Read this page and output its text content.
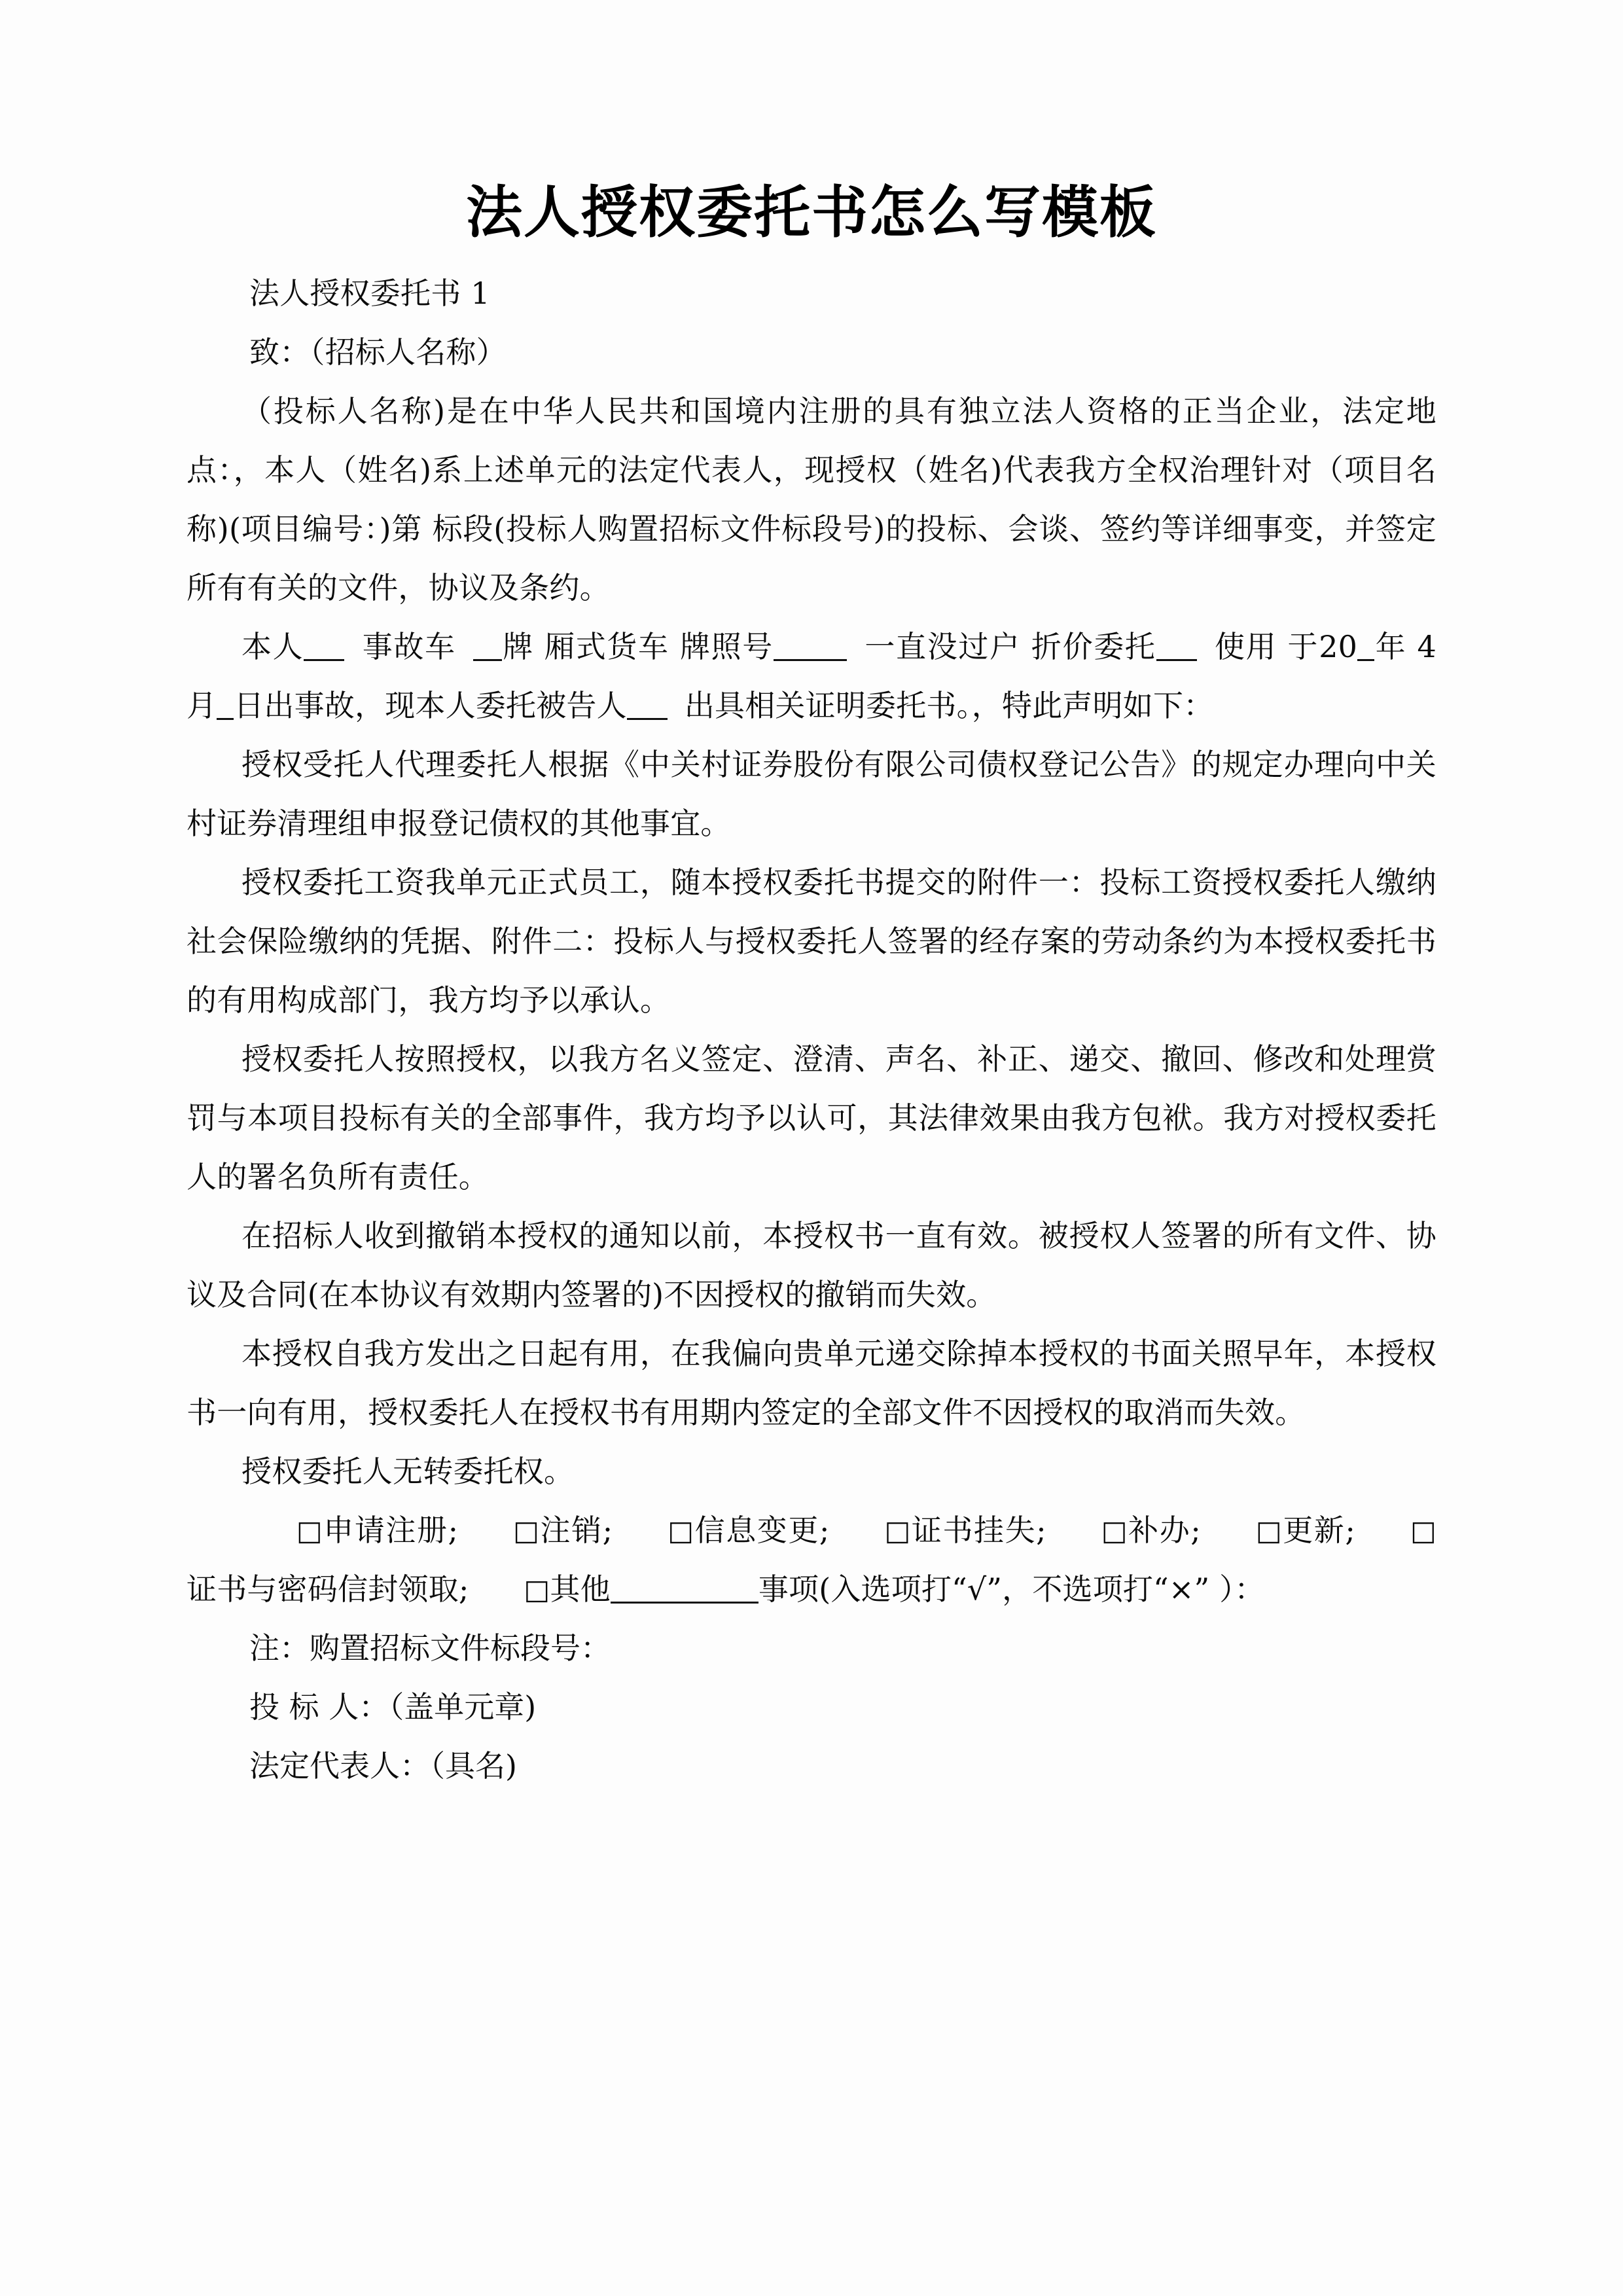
法人授权委托书怎么写模板

法人授权委托书 1

致：（招标人名称）

（投标人名称)是在中华人民共和国境内注册的具有独立法人资格的正当企业，法定地点：，本人（姓名)系上述单元的法定代表人，现授权（姓名)代表我方全权治理针对（项目名称)(项目编号：)第 标段(投标人购置招标文件标段号)的投标、会谈、签约等详细事变，并签定所有有关的文件，协议及条约。

本人 事故车 牌 厢式货车 牌照号	一直没过户 折价委托 使用 于20 年 4 月 日出事故，现本人委托被告人 出具相关证明委托书。，特此声明如下：

授权受托人代理委托人根据《中关村证券股份有限公司债权登记公告》的规定办理向中关村证券清理组申报登记债权的其他事宜。

授权委托工资我单元正式员工，随本授权委托书提交的附件一：投标工资授权委托人缴纳社会保险缴纳的凭据、附件二：投标人与授权委托人签署的经存案的劳动条约为本授权委托书的有用构成部门，我方均予以承认。

授权委托人按照授权，以我方名义签定、澄清、声名、补正、递交、撤回、修改和处理赏罚与本项目投标有关的全部事件，我方均予以认可，其法律效果由我方包袱。我方对授权委托人的署名负所有责任。

在招标人收到撤销本授权的通知以前，本授权书一直有效。被授权人签署的所有文件、协议及合同(在本协议有效期内签署的)不因授权的撤销而失效。

本授权自我方发出之日起有用，在我偏向贵单元递交除掉本授权的书面关照早年，本授权书一向有用，授权委托人在授权书有用期内签定的全部文件不因授权的取消而失效。

授权委托人无转委托权。

□申请注册; □注销; □信息变更; □证书挂失; □补办; □更新; □证书与密码信封领取; □其他	事项(入选项打“√”，不选项打“×” ）：

注：购置招标文件标段号：

投 标 人：（盖单元章)

法定代表人：（具名)
